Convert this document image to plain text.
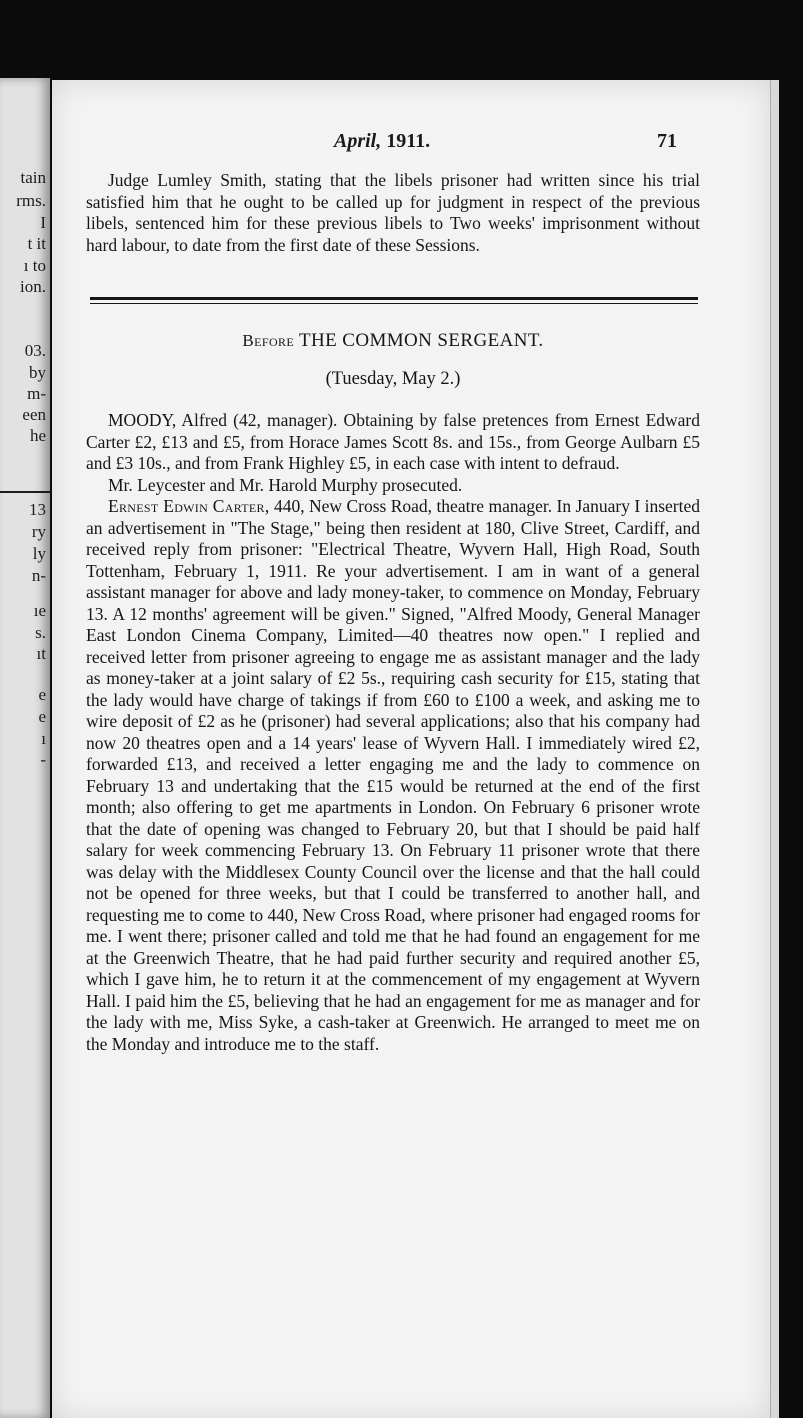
tain

rms.

I

t it

ı to

ion.

03.

by

m-

een

he

13

ry

ly

n-

ıe

s.

ıt

e

e

ı

-

April, 1911.	71

Judge Lumley Smith, stating that the libels prisoner had written since his trial satisfied him that he ought to be called up for judgment in respect of the previous libels, sentenced him for these previous libels to Two weeks' imprisonment without hard labour, to date from the first date of these Sessions.

Before THE COMMON SERGEANT.

(Tuesday, May 2.)

MOODY, Alfred (42, manager). Obtaining by false pretences from Ernest Edward Carter £2, £13 and £5, from Horace James Scott 8s. and 15s., from George Aulbarn £5 and £3 10s., and from Frank Highley £5, in each case with intent to defraud.

Mr. Leycester and Mr. Harold Murphy prosecuted.

Ernest Edwin Carter, 440, New Cross Road, theatre manager. In January I inserted an advertisement in "The Stage," being then resident at 180, Clive Street, Cardiff, and received reply from prisoner: "Electrical Theatre, Wyvern Hall, High Road, South Tottenham, February 1, 1911. Re your advertisement. I am in want of a general assistant manager for above and lady money-taker, to commence on Monday, February 13. A 12 months' agreement will be given." Signed, "Alfred Moody, General Manager East London Cinema Company, Limited—40 theatres now open." I replied and received letter from prisoner agreeing to engage me as assistant manager and the lady as money-taker at a joint salary of £2 5s., requiring cash security for £15, stating that the lady would have charge of takings if from £60 to £100 a week, and asking me to wire deposit of £2 as he (prisoner) had several applications; also that his company had now 20 theatres open and a 14 years' lease of Wyvern Hall. I immediately wired £2, forwarded £13, and received a letter engaging me and the lady to commence on February 13 and undertaking that the £15 would be returned at the end of the first month; also offering to get me apartments in London. On February 6 prisoner wrote that the date of opening was changed to February 20, but that I should be paid half salary for week commencing February 13. On February 11 prisoner wrote that there was delay with the Middlesex County Council over the license and that the hall could not be opened for three weeks, but that I could be transferred to another hall, and requesting me to come to 440, New Cross Road, where prisoner had engaged rooms for me. I went there; prisoner called and told me that he had found an engagement for me at the Greenwich Theatre, that he had paid further security and required another £5, which I gave him, he to return it at the commencement of my engagement at Wyvern Hall. I paid him the £5, believing that he had an engagement for me as manager and for the lady with me, Miss Syke, a cash-taker at Greenwich. He arranged to meet me on the Monday and introduce me to the staff.
